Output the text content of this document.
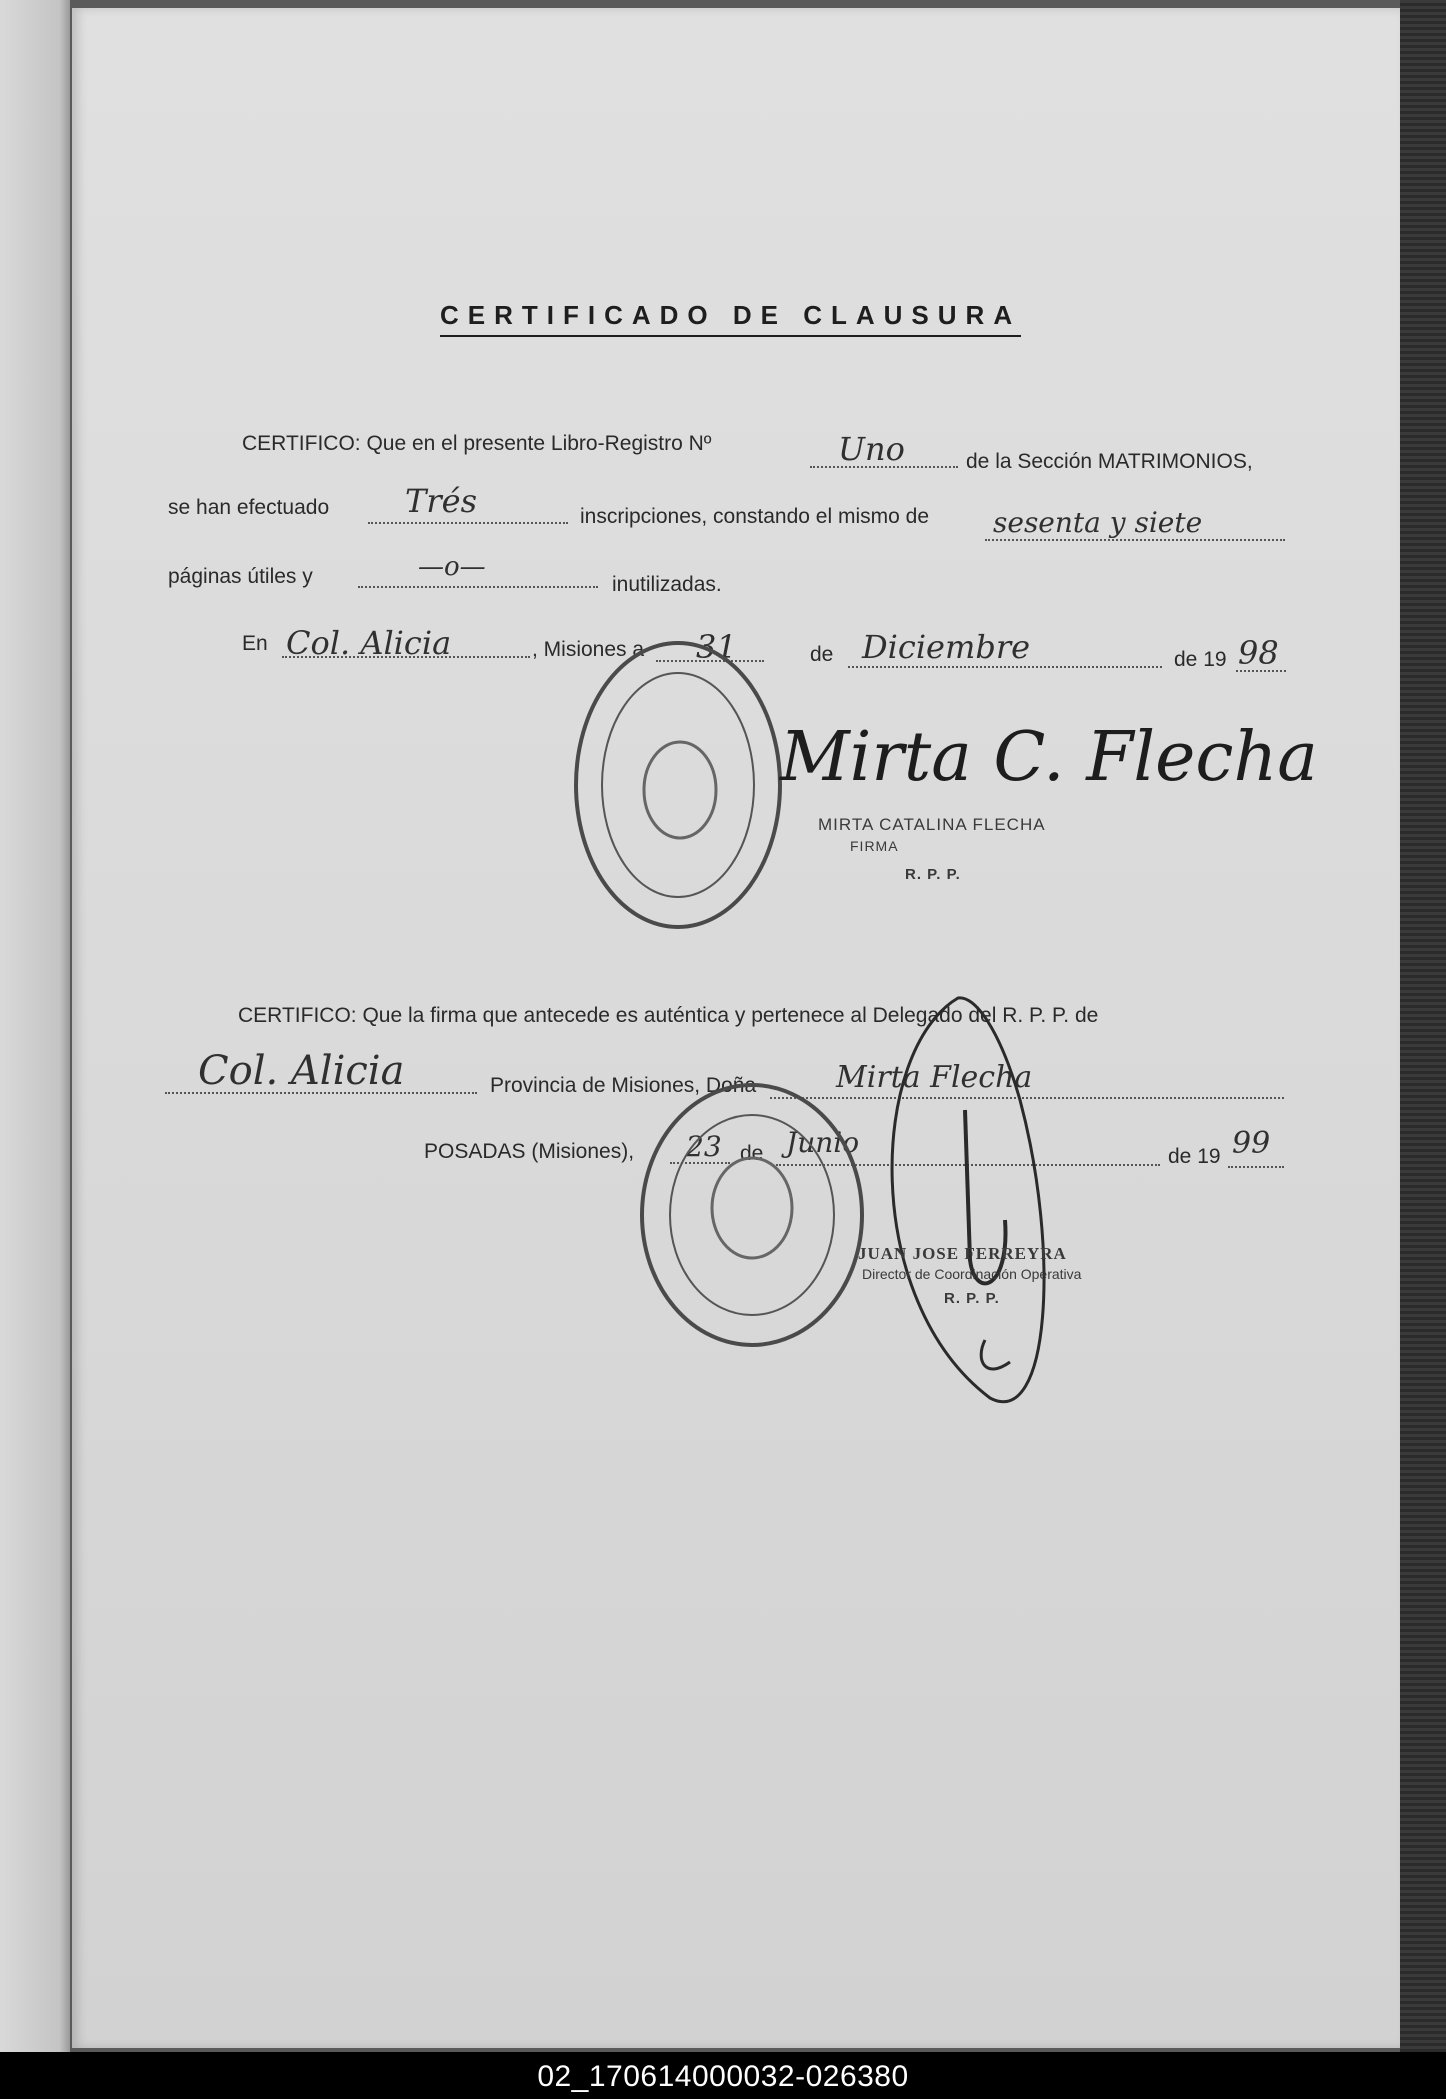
CERTIFICADO DE CLAUSURA
CERTIFICO: Que en el presente Libro-Registro Nº	Uno	de la Sección MATRIMONIOS,
se han efectuado Trés	inscripciones, constando el mismo de sesenta y siete
páginas útiles y	—o—
inutilizadas.
En Col. Alicia	, Misiones a 31	de Diciembre	de 19 98
Mirta C. Flecha
MIRTA CATALINA FLECHA
FIRMA
R. P. P.
CERTIFICO: Que la firma que antecede es auténtica y pertenece al Delegado del R. P. P. de
Col. Alicia	Provincia de Misiones, Doña	Mirta Flecha
POSADAS (Misiones), 23 de Junio	de 19 99
JUAN JOSE FERREYRA
Director de Coordinación Operativa
R. P. P.
02_170614000032-026380
